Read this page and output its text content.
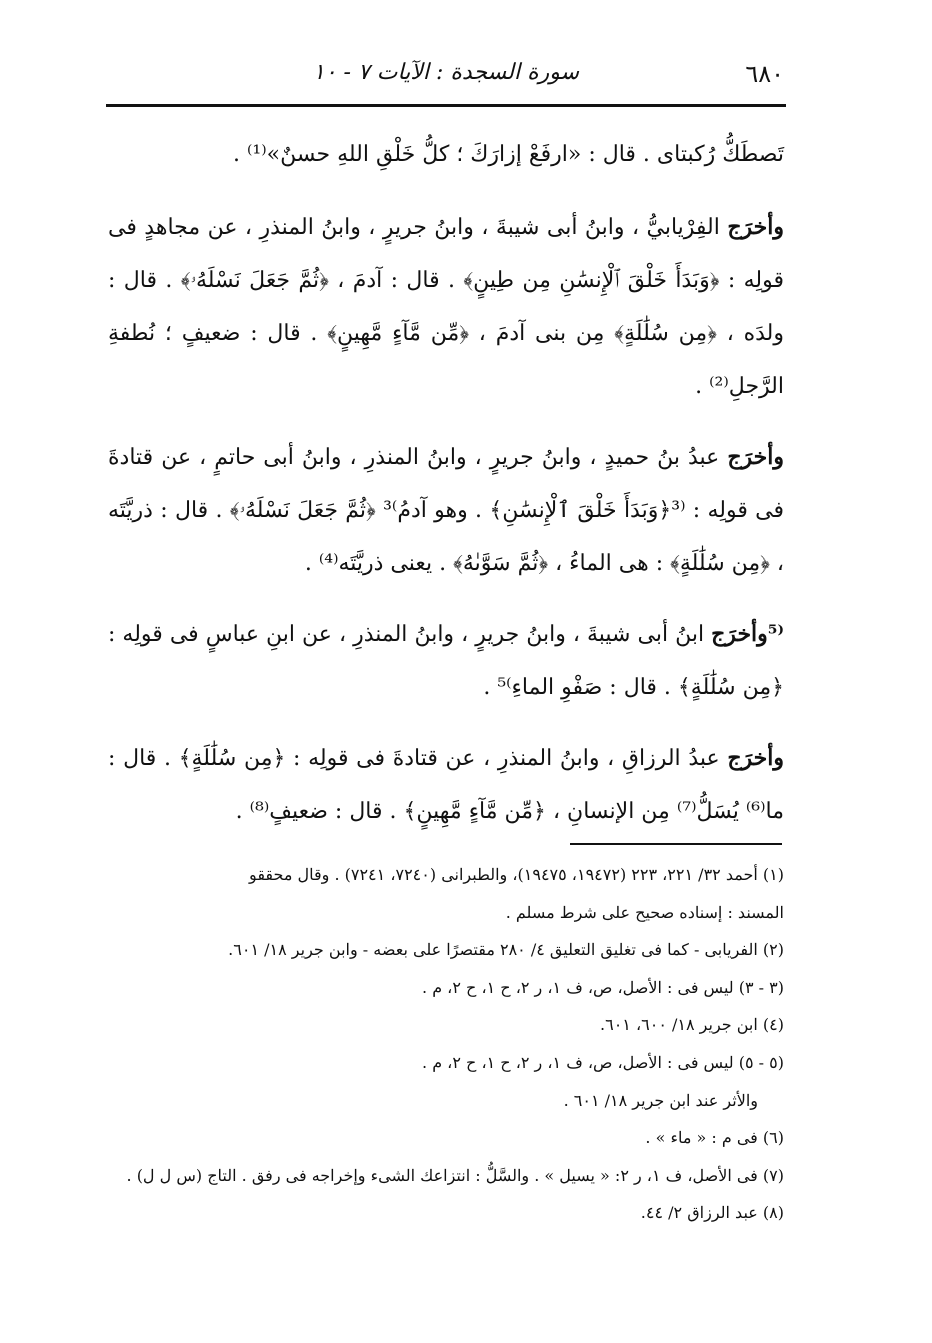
٦٨٠
سورة السجدة : الآيات ٧ - ١٠

تَصطَكُّ رُكبتاى . قال : «ارفَعْ إزارَكَ ؛ كلُّ خَلْقِ اللهِ حسنٌ»⁽¹⁾ .

وأخرَج الفِرْيابيُّ ، وابنُ أبى شيبةَ ، وابنُ جريرٍ ، وابنُ المنذرِ ، عن مجاهدٍ فى قولِه : ﴿وَبَدَأَ خَلْقَ ٱلْإِنسَٰنِ مِن طِينٍ﴾ . قال : آدمَ ، ﴿ثُمَّ جَعَلَ نَسْلَهُۥ﴾ . قال : ولدَه ، ﴿مِن سُلَٰلَةٍ﴾ مِن بنى آدمَ ، ﴿مِّن مَّآءٍ مَّهِينٍ﴾ . قال : ضعيفٍ ؛ نُطفةِ الرَّجلِ⁽²⁾ .

وأخرَج عبدُ بنُ حميدٍ ، وابنُ جريرٍ ، وابنُ المنذرِ ، وابنُ أبى حاتمٍ ، عن قتادةَ فى قولِه : ⁽³﴿وَبَدَأَ خَلْقَ ٱلْإِنسَٰنِ﴾ . وهو آدمُ⁾³ ﴿ثُمَّ جَعَلَ نَسْلَهُۥ﴾ . قال : ذريَّتَه ، ﴿مِن سُلَٰلَةٍ﴾ : هى الماءُ ، ﴿ثُمَّ سَوَّىٰهُ﴾ . يعنى ذريَّتَه⁽⁴⁾ .

⁽⁵وأخرَج ابنُ أبى شيبةَ ، وابنُ جريرٍ ، وابنُ المنذرِ ، عن ابنِ عباسٍ فى قولِه : ﴿مِن سُلَٰلَةٍ﴾ . قال : صَفْوِ الماءِ⁾⁵ .

وأخرَج عبدُ الرزاقِ ، وابنُ المنذرِ ، عن قتادةَ فى قولِه : ﴿مِن سُلَٰلَةٍ﴾ . قال : ما⁽⁶⁾ يُسَلُّ⁽⁷⁾ مِن الإنسانِ ، ﴿مِّن مَّآءٍ مَّهِينٍ﴾ . قال : ضعيفٍ⁽⁸⁾ .

(١) أحمد ٣٢/ ٢٢١، ٢٢٣ (١٩٤٧٢، ١٩٤٧٥)، والطبرانى (٧٢٤٠، ٧٢٤١) . وقال محققو

المسند : إسناده صحيح على شرط مسلم .

(٢) الفريابى - كما فى تغليق التعليق ٤/ ٢٨٠ مقتصرًا على بعضه - وابن جرير ١٨/ ٦٠١.

(٣ - ٣) ليس فى : الأصل، ص، ف ١، ر ٢، ح ١، ح ٢، م .

(٤) ابن جرير ١٨/ ٦٠٠، ٦٠١.

(٥ - ٥) ليس فى : الأصل، ص، ف ١، ر ٢، ح ١، ح ٢، م .

والأثر عند ابن جرير ١٨/ ٦٠١ .

(٦) فى م : « ماء » .

(٧) فى الأصل، ف ١، ر ٢: « يسيل » . والسَّلُّ : انتزاعك الشىء وإخراجه فى رفق . التاج (س ل ل) .

(٨) عبد الرزاق ٢/ ٤٤.
